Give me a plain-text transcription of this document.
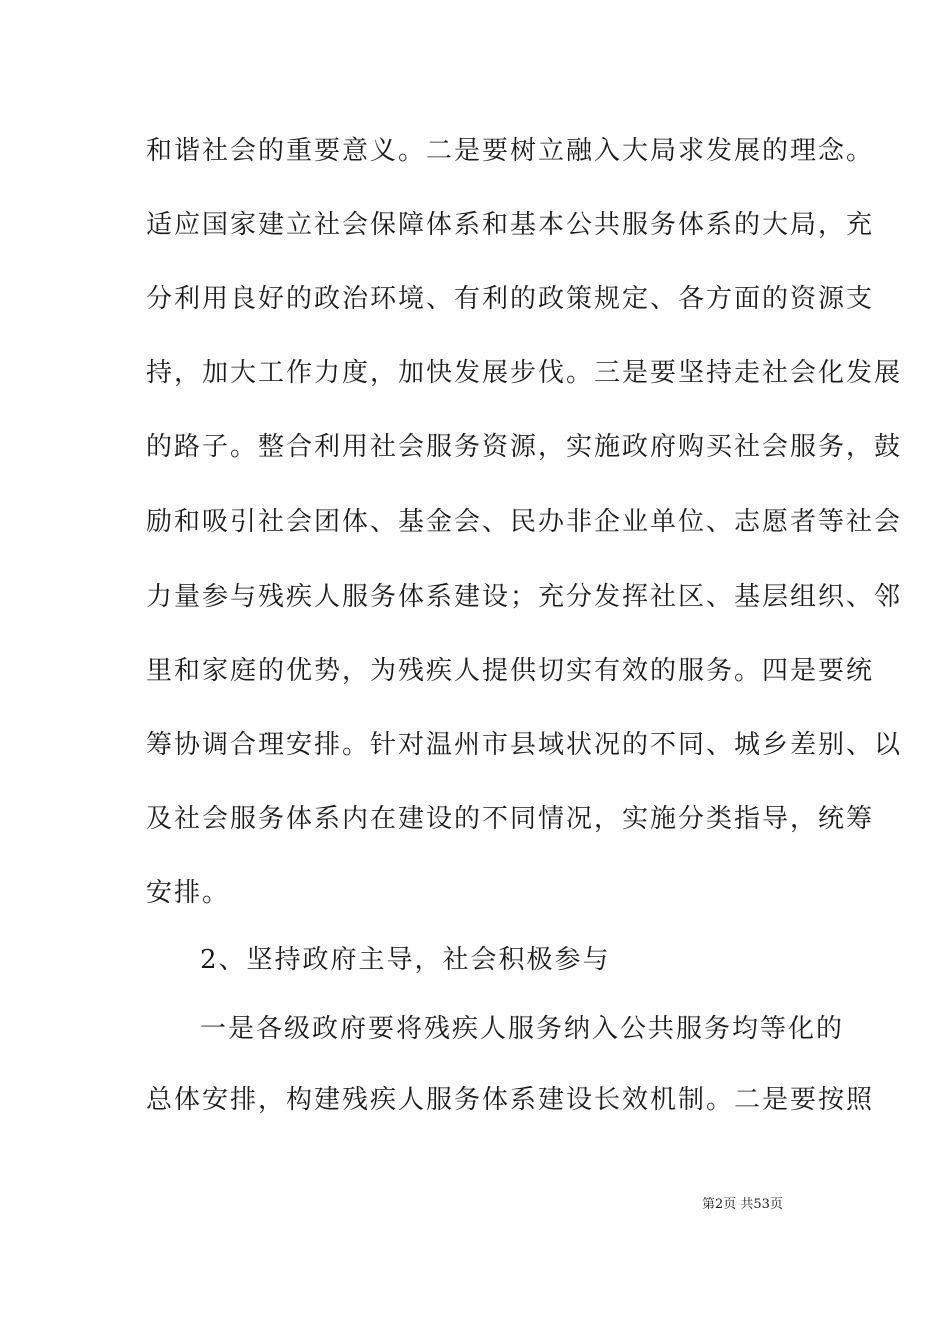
和谐社会的重要意义。二是要树立融入大局求发展的理念。
适应国家建立社会保障体系和基本公共服务体系的大局，充
分利用良好的政治环境、有利的政策规定、各方面的资源支
持，加大工作力度，加快发展步伐。三是要坚持走社会化发展
的路子。整合利用社会服务资源，实施政府购买社会服务，鼓
励和吸引社会团体、基金会、民办非企业单位、志愿者等社会
力量参与残疾人服务体系建设；充分发挥社区、基层组织、邻
里和家庭的优势，为残疾人提供切实有效的服务。四是要统
筹协调合理安排。针对温州市县域状况的不同、城乡差别、以
及社会服务体系内在建设的不同情况，实施分类指导，统筹
安排。
2、坚持政府主导，社会积极参与
一是各级政府要将残疾人服务纳入公共服务均等化的
总体安排，构建残疾人服务体系建设长效机制。二是要按照
第2页 共53页
